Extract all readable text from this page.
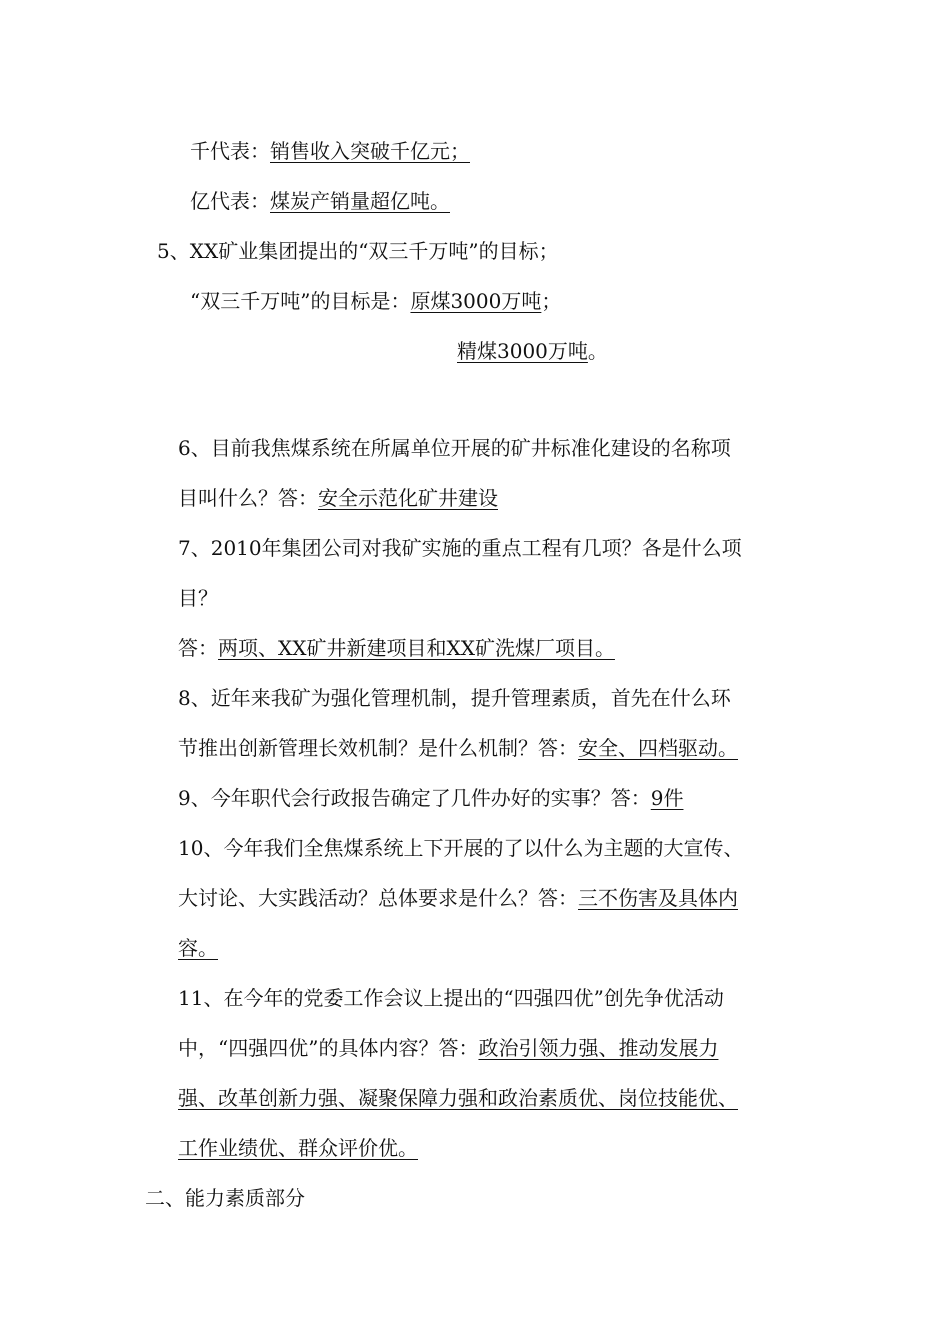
千代表：销售收入突破千亿元；
亿代表：煤炭产销量超亿吨。
5、XX矿业集团提出的“双三千万吨”的目标；
“双三千万吨”的目标是：原煤3000万吨；
精煤3000万吨。
6、目前我焦煤系统在所属单位开展的矿井标准化建设的名称项
目叫什么？答：安全示范化矿井建设
7、2010年集团公司对我矿实施的重点工程有几项？各是什么项
目？
答：两项、XX矿井新建项目和XX矿洗煤厂项目。
8、近年来我矿为强化管理机制，提升管理素质，首先在什么环
节推出创新管理长效机制？是什么机制？答：安全、四档驱动。
9、今年职代会行政报告确定了几件办好的实事？答：9件
10、今年我们全焦煤系统上下开展的了以什么为主题的大宣传、
大讨论、大实践活动？总体要求是什么？答：三不伤害及具体内
容。
11、在今年的党委工作会议上提出的“四强四优”创先争优活动
中，“四强四优”的具体内容？答：政治引领力强、推动发展力
强、改革创新力强、凝聚保障力强和政治素质优、岗位技能优、
工作业绩优、群众评价优。
二、能力素质部分
